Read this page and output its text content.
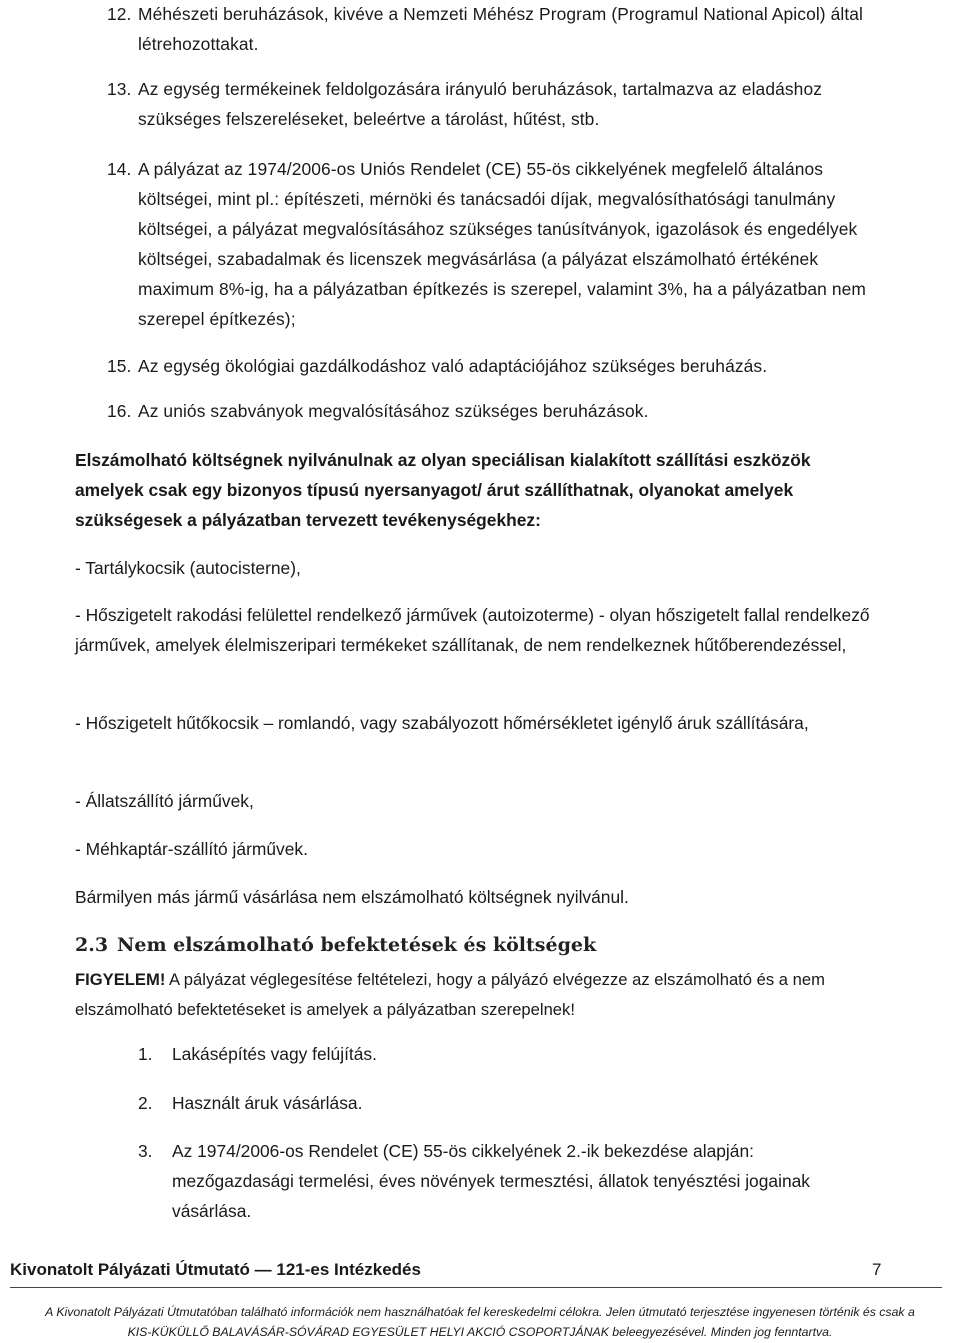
12. Méhészeti beruházások, kivéve a Nemzeti Méhész Program (Programul National Apicol) által létrehozottakat.
13. Az egység termékeinek feldolgozására irányuló beruházások, tartalmazva az eladáshoz szükséges felszereléseket, beleértve a tárolást, hűtést, stb.
14. A pályázat az 1974/2006-os Uniós Rendelet (CE) 55-ös cikkelyének megfelelő általános költségei, mint pl.: építészeti, mérnöki és tanácsadói díjak, megvalósíthatósági tanulmány költségei, a pályázat megvalósításához szükséges tanúsítványok, igazolások és engedélyek költségei, szabadalmak és licenszek megvásárlása (a pályázat elszámolható értékének maximum 8%-ig, ha a pályázatban építkezés is szerepel, valamint 3%, ha a pályázatban nem szerepel építkezés);
15. Az egység ökológiai gazdálkodáshoz való adaptációjához szükséges beruházás.
16. Az uniós szabványok megvalósításához szükséges beruházások.
Elszámolható költségnek nyilvánulnak az olyan speciálisan kialakított szállítási eszközök amelyek csak egy bizonyos típusú nyersanyagot/ árut szállíthatnak, olyanokat amelyek szükségesek a pályázatban tervezett tevékenységekhez:
- Tartálykocsik (autocisterne),
- Hőszigetelt rakodási felülettel rendelkező járművek (autoizoterme) - olyan hőszigetelt fallal rendelkező járművek, amelyek élelmiszeripari termékeket szállítanak, de nem rendelkeznek hűtőberendezéssel,
- Hőszigetelt hűtőkocsik – romlandó, vagy szabályozott hőmérsékletet igénylő áruk szállítására,
- Állatszállító járművek,
- Méhkaptár-szállító járművek.
Bármilyen más jármű vásárlása nem elszámolható költségnek nyilvánul.
2.3 Nem elszámolható befektetések és költségek
FIGYELEM! A pályázat véglegesítése feltételezi, hogy a pályázó elvégezze az elszámolható és a nem elszámolható befektetéseket is amelyek a pályázatban szerepelnek!
1. Lakásépítés vagy felújítás.
2. Használt áruk vásárlása.
3. Az 1974/2006-os Rendelet (CE) 55-ös cikkelyének 2.-ik bekezdése alapján: mezőgazdasági termelési, éves növények termesztési, állatok tenyésztési jogainak vásárlása.
Kivonatolt Pályázati Útmutató — 121-es Intézkedés	7
A Kivonatolt Pályázati Útmutatóban található információk nem használhatóak fel kereskedelmi célokra. Jelen útmutató terjesztése ingyenesen történik és csak a
KIS-KÜKÜLLŐ BALAVÁSÁR-SÓVÁRAD EGYESÜLET HELYI AKCIÓ CSOPORTJÁNAK beleegyezésével. Minden jog fenntartva.
